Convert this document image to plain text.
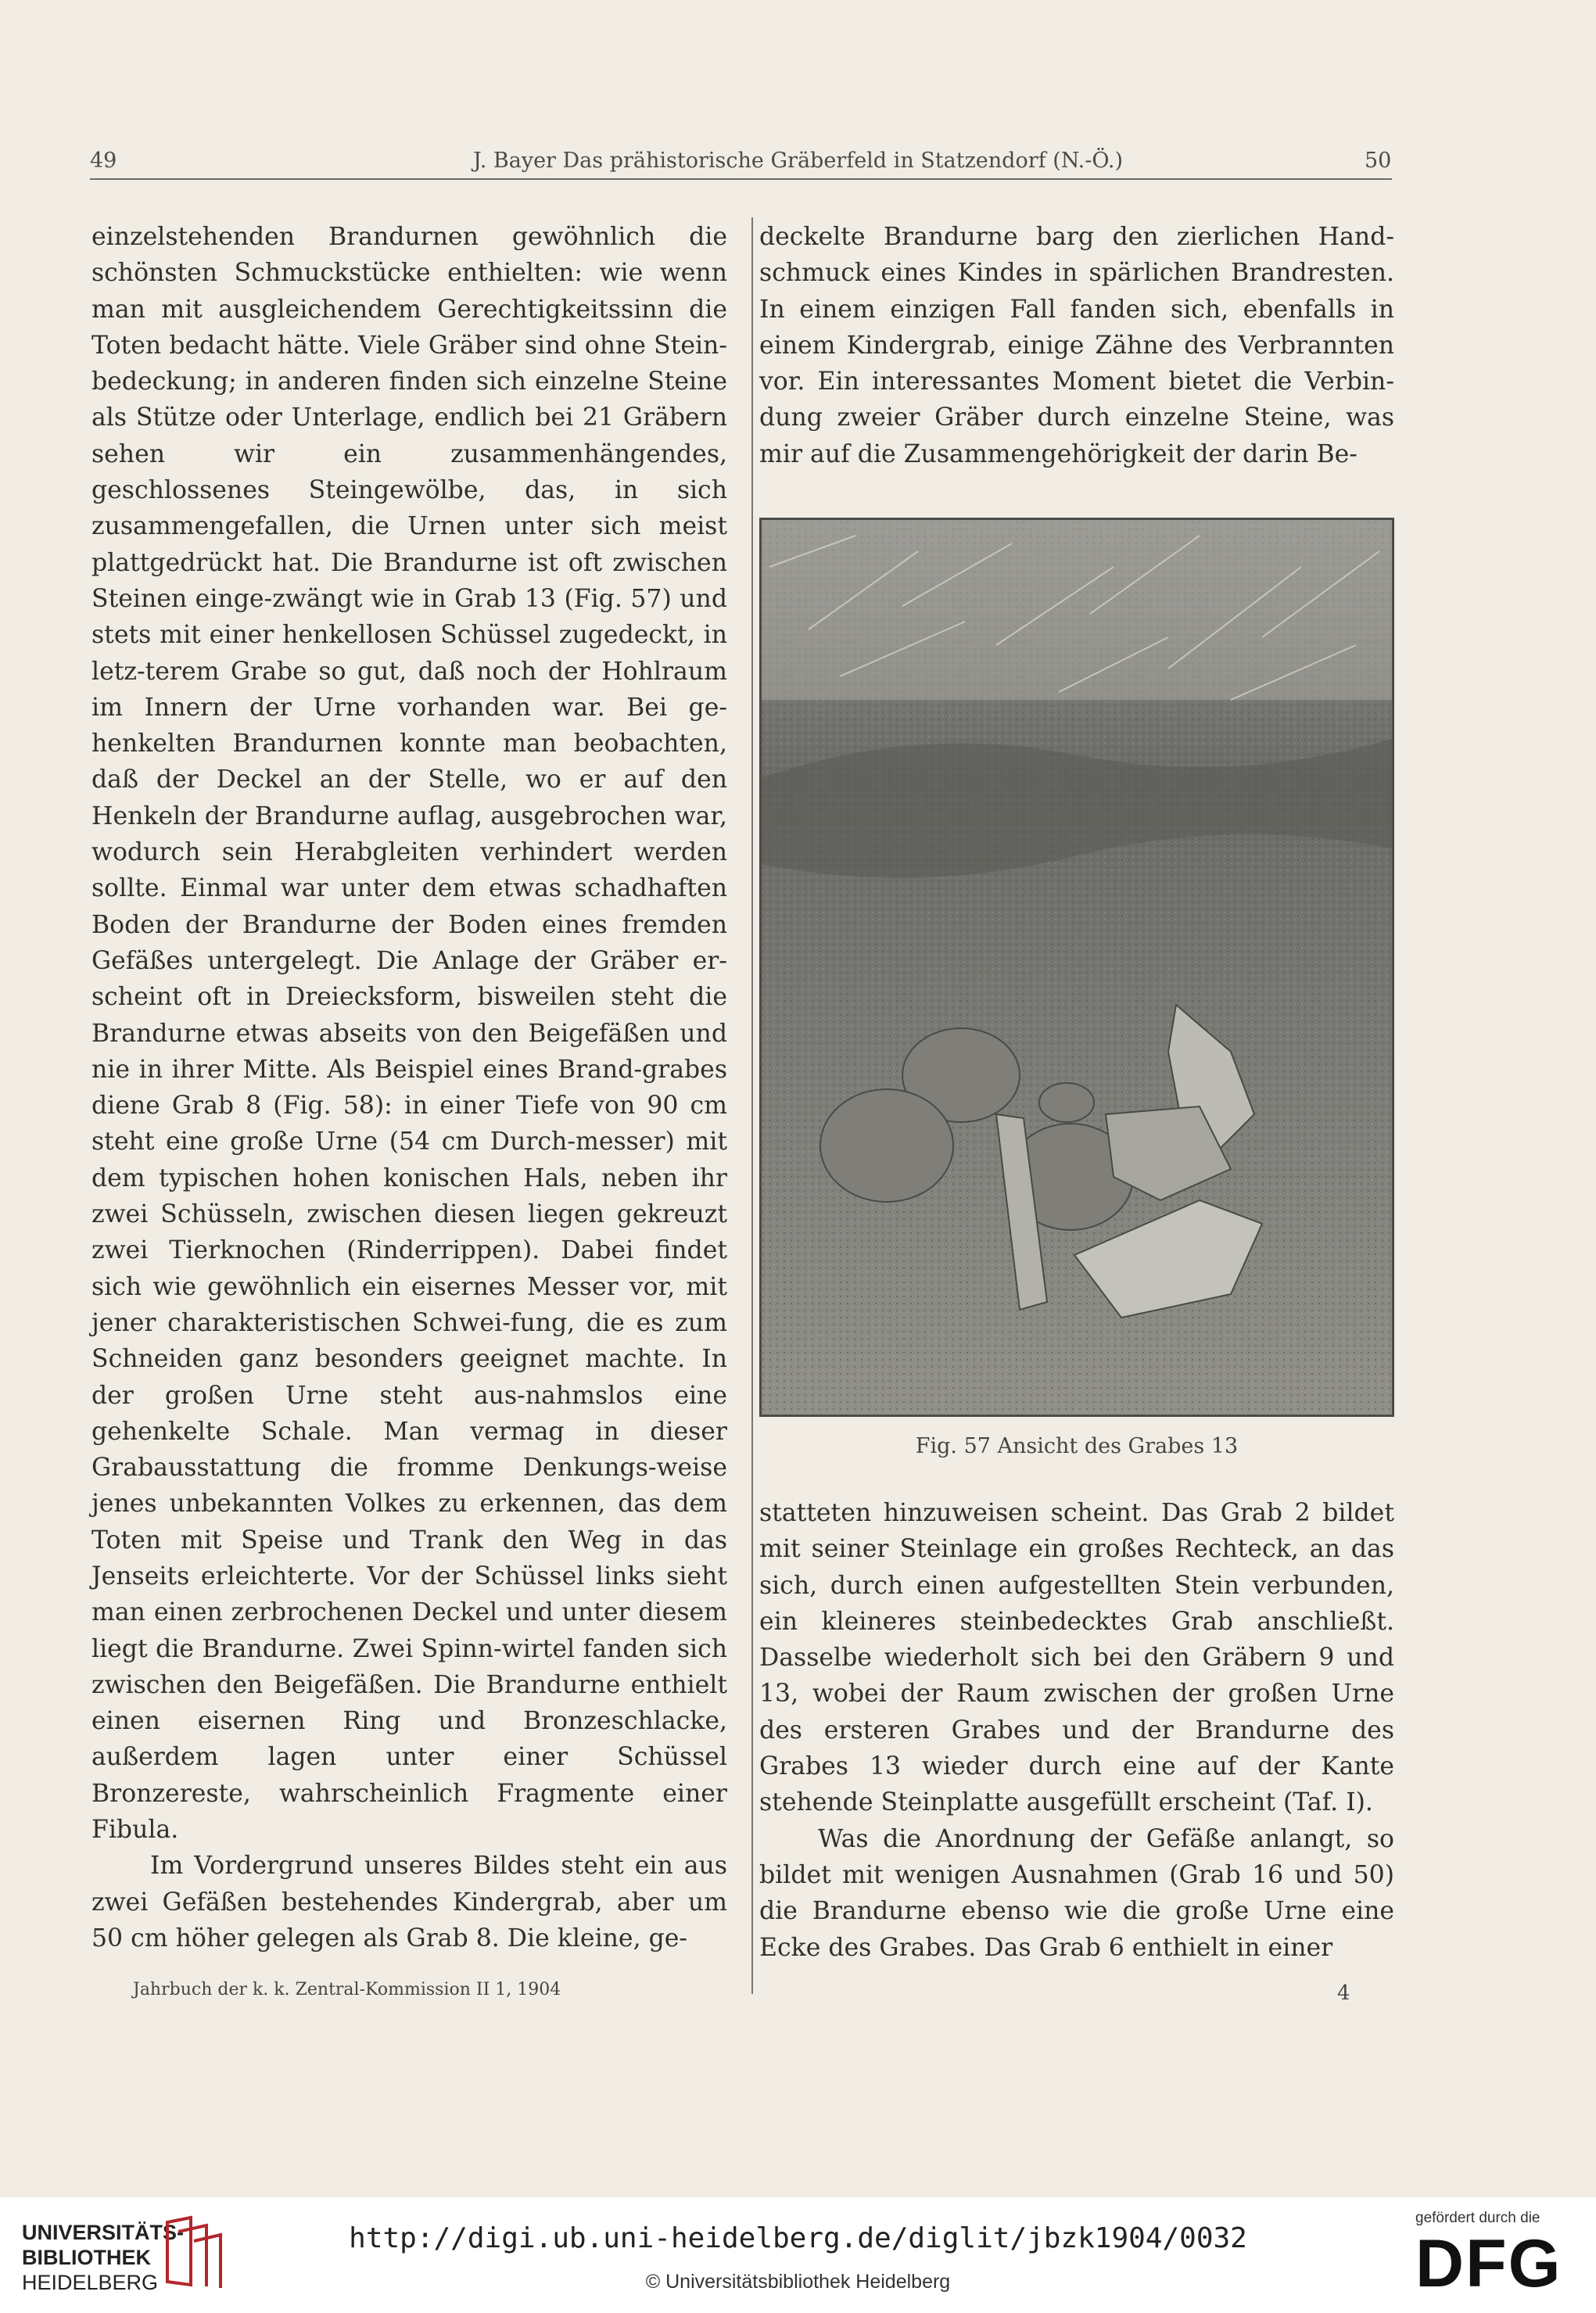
49	J. Bayer Das prähistorische Gräberfeld in Statzendorf (N.-Ö.)	50

einzelstehenden Brandurnen gewöhnlich die schönsten Schmuckstücke enthielten: wie wenn man mit ausgleichendem Gerechtigkeitssinn die Toten bedacht hätte. Viele Gräber sind ohne Stein-bedeckung; in anderen finden sich einzelne Steine als Stütze oder Unterlage, endlich bei 21 Gräbern sehen wir ein zusammenhängendes, geschlossenes Steingewölbe, das, in sich zusammengefallen, die Urnen unter sich meist plattgedrückt hat. Die Brandurne ist oft zwischen Steinen einge-zwängt wie in Grab 13 (Fig. 57) und stets mit einer henkellosen Schüssel zugedeckt, in letz-terem Grabe so gut, daß noch der Hohlraum im Innern der Urne vorhanden war. Bei ge-henkelten Brandurnen konnte man beobachten, daß der Deckel an der Stelle, wo er auf den Henkeln der Brandurne auflag, ausgebrochen war, wodurch sein Herabgleiten verhindert werden sollte. Einmal war unter dem etwas schadhaften Boden der Brandurne der Boden eines fremden Gefäßes untergelegt. Die Anlage der Gräber er-scheint oft in Dreiecksform, bisweilen steht die Brandurne etwas abseits von den Beigefäßen und nie in ihrer Mitte. Als Beispiel eines Brand-grabes diene Grab 8 (Fig. 58): in einer Tiefe von 90 cm steht eine große Urne (54 cm Durch-messer) mit dem typischen hohen konischen Hals, neben ihr zwei Schüsseln, zwischen diesen liegen gekreuzt zwei Tierknochen (Rinderrippen). Dabei findet sich wie gewöhnlich ein eisernes Messer vor, mit jener charakteristischen Schwei-fung, die es zum Schneiden ganz besonders geeignet machte. In der großen Urne steht aus-nahmslos eine gehenkelte Schale. Man vermag in dieser Grabausstattung die fromme Denkungs-weise jenes unbekannten Volkes zu erkennen, das dem Toten mit Speise und Trank den Weg in das Jenseits erleichterte. Vor der Schüssel links sieht man einen zerbrochenen Deckel und unter diesem liegt die Brandurne. Zwei Spinn-wirtel fanden sich zwischen den Beigefäßen. Die Brandurne enthielt einen eisernen Ring und Bronzeschlacke, außerdem lagen unter einer Schüssel Bronzereste, wahrscheinlich Fragmente einer Fibula.

Im Vordergrund unseres Bildes steht ein aus zwei Gefäßen bestehendes Kindergrab, aber um 50 cm höher gelegen als Grab 8. Die kleine, ge-

deckelte Brandurne barg den zierlichen Hand-schmuck eines Kindes in spärlichen Brandresten. In einem einzigen Fall fanden sich, ebenfalls in einem Kindergrab, einige Zähne des Verbrannten vor. Ein interessantes Moment bietet die Verbin-dung zweier Gräber durch einzelne Steine, was mir auf die Zusammengehörigkeit der darin Be-

Fig. 57 Ansicht des Grabes 13

statteten hinzuweisen scheint. Das Grab 2 bildet mit seiner Steinlage ein großes Rechteck, an das sich, durch einen aufgestellten Stein verbunden, ein kleineres steinbedecktes Grab anschließt. Dasselbe wiederholt sich bei den Gräbern 9 und 13, wobei der Raum zwischen der großen Urne des ersteren Grabes und der Brandurne des Grabes 13 wieder durch eine auf der Kante stehende Steinplatte ausgefüllt erscheint (Taf. I).

Was die Anordnung der Gefäße anlangt, so bildet mit wenigen Ausnahmen (Grab 16 und 50) die Brandurne ebenso wie die große Urne eine Ecke des Grabes. Das Grab 6 enthielt in einer

Jahrbuch der k. k. Zentral-Kommission II 1, 1904	4
UNIVERSITÄTS-
BIBLIOTHEK
HEIDELBERG
http://digi.ub.uni-heidelberg.de/diglit/jbzk1904/0032
© Universitätsbibliothek Heidelberg
gefördert durch die
DFG
